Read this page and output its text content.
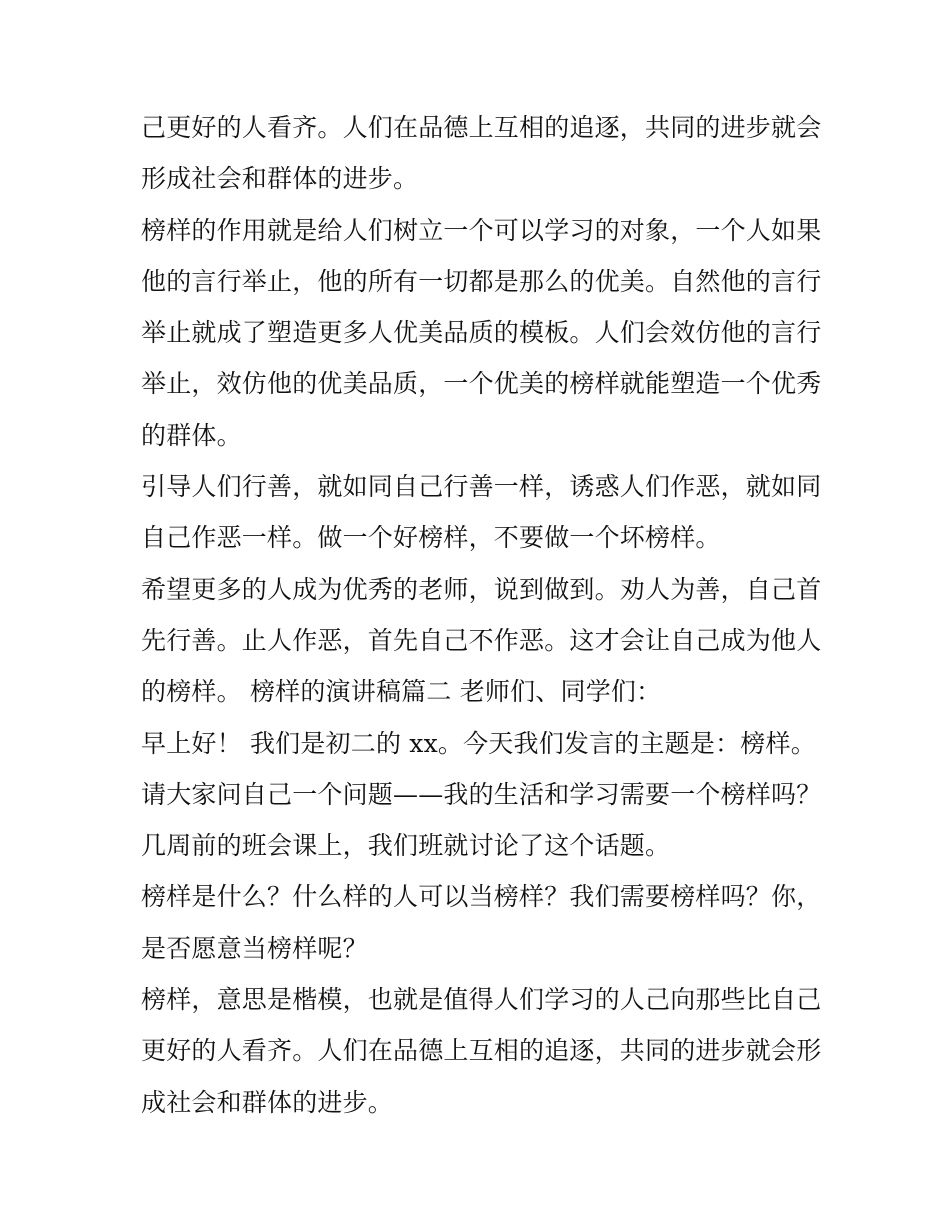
己更好的人看齐。人们在品德上互相的追逐，共同的进步就会
形成社会和群体的进步。
榜样的作用就是给人们树立一个可以学习的对象，一个人如果
他的言行举止，他的所有一切都是那么的优美。自然他的言行
举止就成了塑造更多人优美品质的模板。人们会效仿他的言行
举止，效仿他的优美品质，一个优美的榜样就能塑造一个优秀
的群体。
引导人们行善，就如同自己行善一样，诱惑人们作恶，就如同
自己作恶一样。做一个好榜样，不要做一个坏榜样。
希望更多的人成为优秀的老师，说到做到。劝人为善，自己首
先行善。止人作恶，首先自己不作恶。这才会让自己成为他人
的榜样。 榜样的演讲稿篇二 老师们、同学们：
早上好！ 我们是初二的 xx。今天我们发言的主题是：榜样。
请大家问自己一个问题——我的生活和学习需要一个榜样吗？
几周前的班会课上，我们班就讨论了这个话题。
榜样是什么？什么样的人可以当榜样？我们需要榜样吗？你，
是否愿意当榜样呢？
榜样，意思是楷模，也就是值得人们学习的人己向那些比自己
更好的人看齐。人们在品德上互相的追逐，共同的进步就会形
成社会和群体的进步。
